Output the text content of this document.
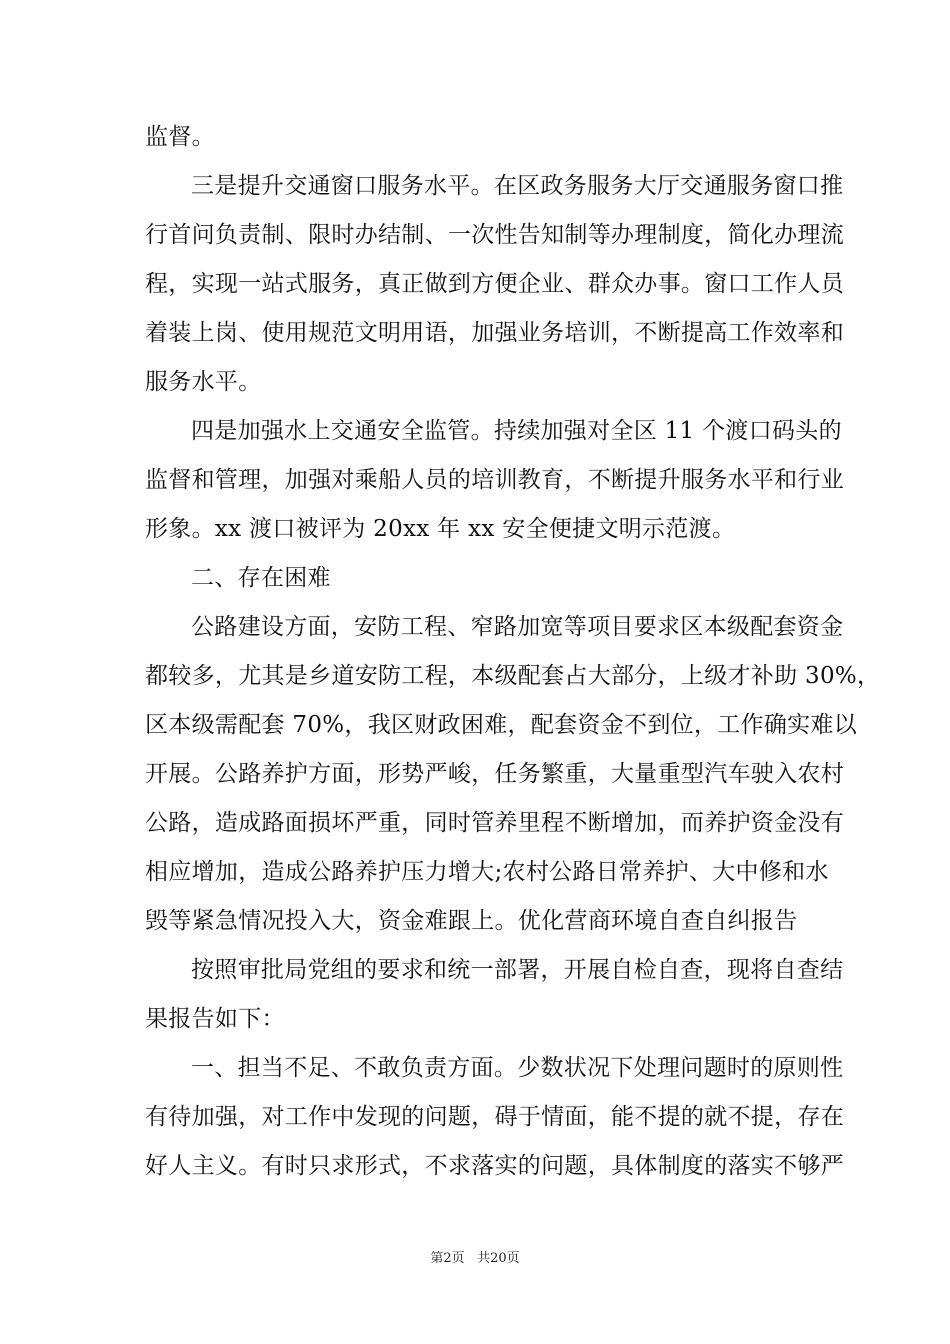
监督。
三是提升交通窗口服务水平。在区政务服务大厅交通服务窗口推
行首问负责制、限时办结制、一次性告知制等办理制度，简化办理流
程，实现一站式服务，真正做到方便企业、群众办事。窗口工作人员
着装上岗、使用规范文明用语，加强业务培训，不断提高工作效率和
服务水平。
四是加强水上交通安全监管。持续加强对全区 11 个渡口码头的
监督和管理，加强对乘船人员的培训教育，不断提升服务水平和行业
形象。xx 渡口被评为 20xx 年 xx 安全便捷文明示范渡。
二、存在困难
公路建设方面，安防工程、窄路加宽等项目要求区本级配套资金
都较多，尤其是乡道安防工程，本级配套占大部分，上级才补助 30%，
区本级需配套 70%，我区财政困难，配套资金不到位，工作确实难以
开展。公路养护方面，形势严峻，任务繁重，大量重型汽车驶入农村
公路，造成路面损坏严重，同时管养里程不断增加，而养护资金没有
相应增加，造成公路养护压力增大;农村公路日常养护、大中修和水
毁等紧急情况投入大，资金难跟上。优化营商环境自查自纠报告
按照审批局党组的要求和统一部署，开展自检自查，现将自查结
果报告如下：
一、担当不足、不敢负责方面。少数状况下处理问题时的原则性
有待加强，对工作中发现的问题，碍于情面，能不提的就不提，存在
好人主义。有时只求形式，不求落实的问题，具体制度的落实不够严
第2页 共20页
